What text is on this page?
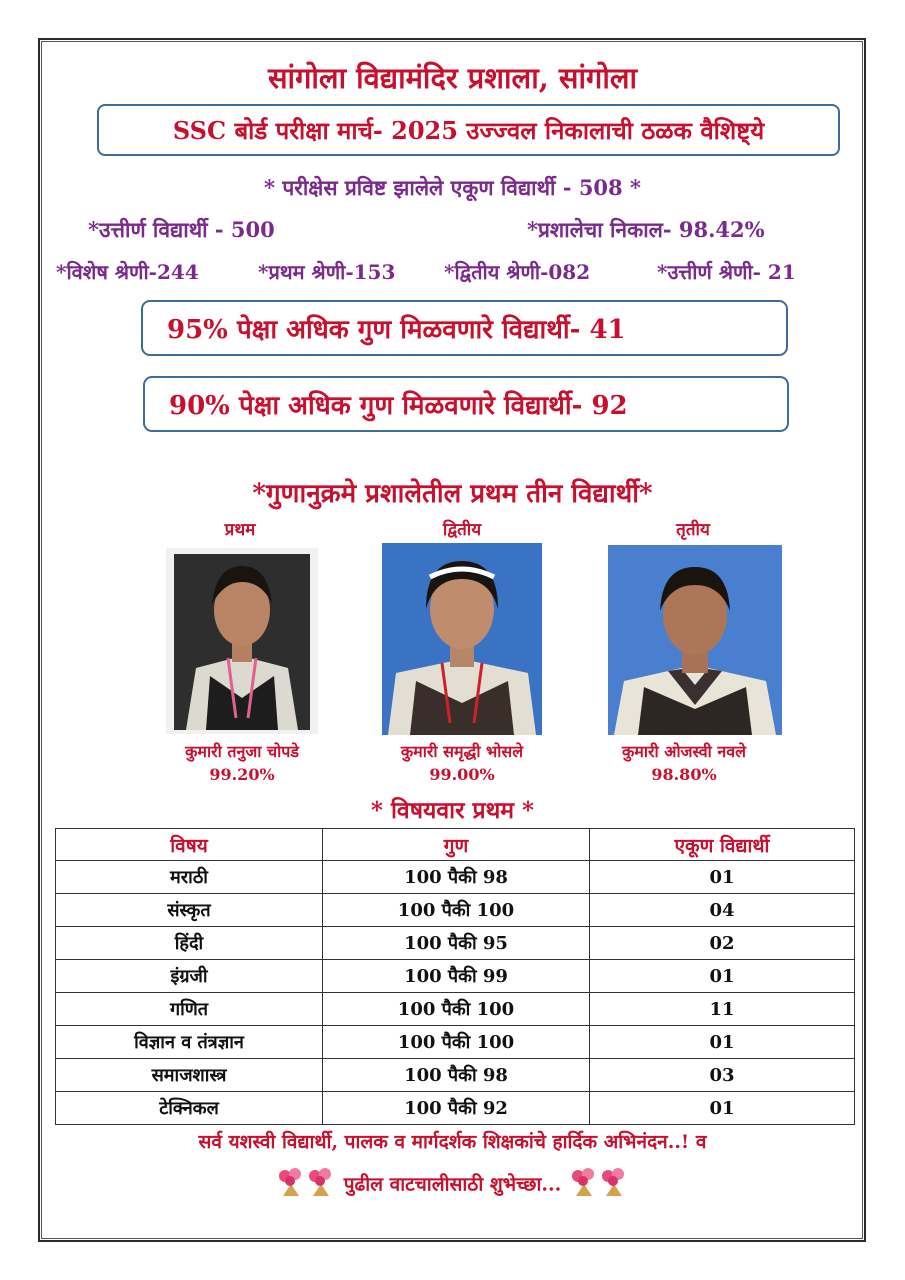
सांगोला विद्यामंदिर प्रशाला, सांगोला
SSC बोर्ड परीक्षा मार्च- 2025 उज्ज्वल निकालाची ठळक वैशिष्ट्ये
* परीक्षेस प्रविष्ट झालेले एकूण विद्यार्थी - 508 *
*उत्तीर्ण विद्यार्थी - 500	*प्रशालेचा निकाल- 98.42%
*विशेष श्रेणी-244	*प्रथम श्रेणी-153 *द्वितीय श्रेणी-082	*उत्तीर्ण श्रेणी- 21
95% पेक्षा अधिक गुण मिळवणारे विद्यार्थी- 41
90% पेक्षा अधिक गुण मिळवणारे विद्यार्थी- 92
*गुणानुक्रमे प्रशालेतील प्रथम तीन विद्यार्थी*
प्रथम	द्वितीय	तृतीय
कुमारी तनुजा चोपडे
99.20%
कुमारी समृद्धी भोसले
99.00%
कुमारी ओजस्वी नवले
98.80%
* विषयवार प्रथम *
विषय	गुण	एकूण विद्यार्थी
मराठी	100 पैकी 98	01
संस्कृत	100 पैकी 100	04
हिंदी	100 पैकी 95	02
इंग्रजी	100 पैकी 99	01
गणित	100 पैकी 100	11
विज्ञान व तंत्रज्ञान	100 पैकी 100	01
समाजशास्त्र	100 पैकी 98	03
टेक्निकल	100 पैकी 92	01
सर्व यशस्वी विद्यार्थी, पालक व मार्गदर्शक शिक्षकांचे हार्दिक अभिनंदन..! व
पुढील वाटचालीसाठी शुभेच्छा...
